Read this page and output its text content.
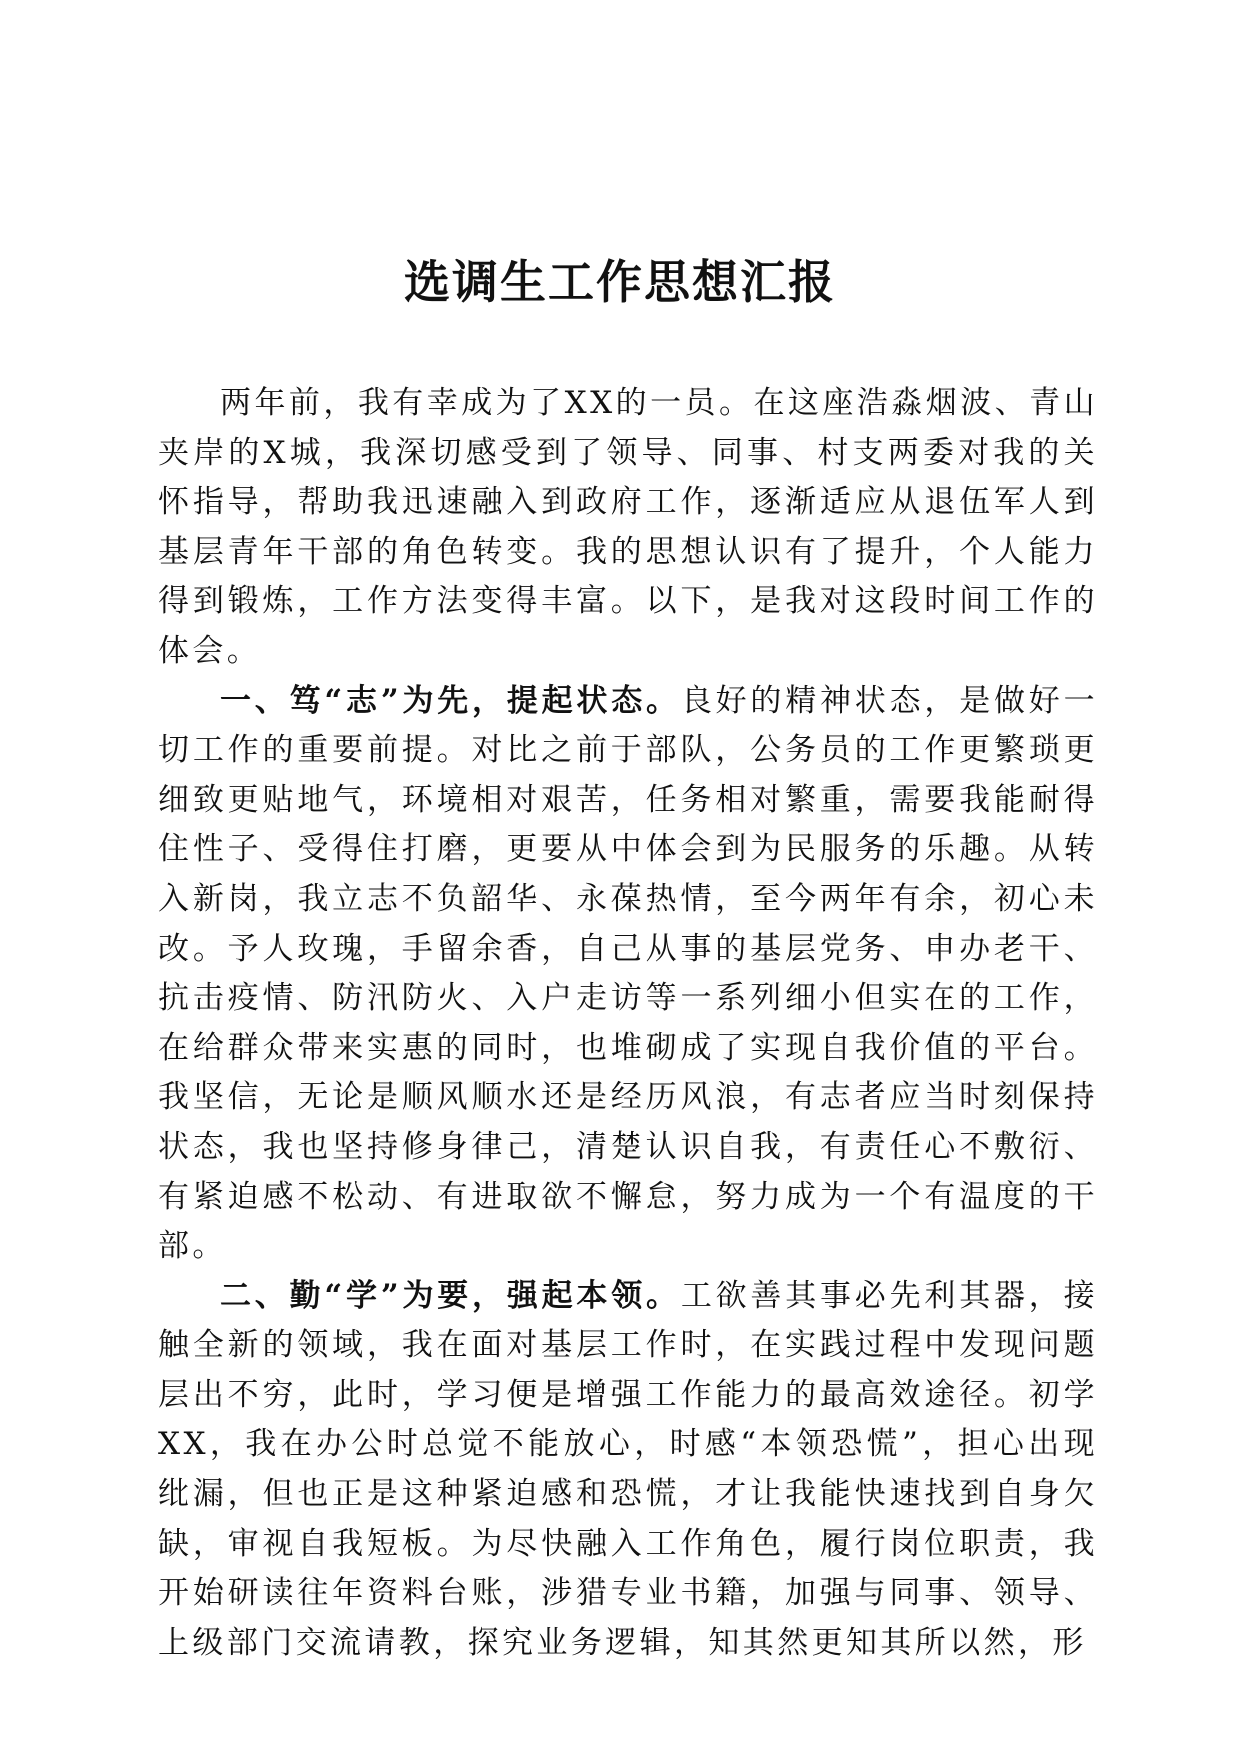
选调生工作思想汇报

两年前，我有幸成为了XX的一员。在这座浩淼烟波、青山夹岸的X城，我深切感受到了领导、同事、村支两委对我的关怀指导，帮助我迅速融入到政府工作，逐渐适应从退伍军人到基层青年干部的角色转变。我的思想认识有了提升，个人能力得到锻炼，工作方法变得丰富。以下，是我对这段时间工作的体会。

一、笃“志”为先，提起状态。良好的精神状态，是做好一切工作的重要前提。对比之前于部队，公务员的工作更繁琐更细致更贴地气，环境相对艰苦，任务相对繁重，需要我能耐得住性子、受得住打磨，更要从中体会到为民服务的乐趣。从转入新岗，我立志不负韶华、永葆热情，至今两年有余，初心未改。予人玫瑰，手留余香，自己从事的基层党务、申办老干、抗击疫情、防汛防火、入户走访等一系列细小但实在的工作，在给群众带来实惠的同时，也堆砌成了实现自我价值的平台。我坚信，无论是顺风顺水还是经历风浪，有志者应当时刻保持状态，我也坚持修身律己，清楚认识自我，有责任心不敷衍、有紧迫感不松动、有进取欲不懈怠，努力成为一个有温度的干部。

二、勤“学”为要，强起本领。工欲善其事必先利其器，接触全新的领域，我在面对基层工作时，在实践过程中发现问题层出不穷，此时，学习便是增强工作能力的最高效途径。初学XX，我在办公时总觉不能放心，时感“本领恐慌”，担心出现纰漏，但也正是这种紧迫感和恐慌，才让我能快速找到自身欠缺，审视自我短板。为尽快融入工作角色，履行岗位职责，我开始研读往年资料台账，涉猎专业书籍，加强与同事、领导、上级部门交流请教，探究业务逻辑，知其然更知其所以然，形
